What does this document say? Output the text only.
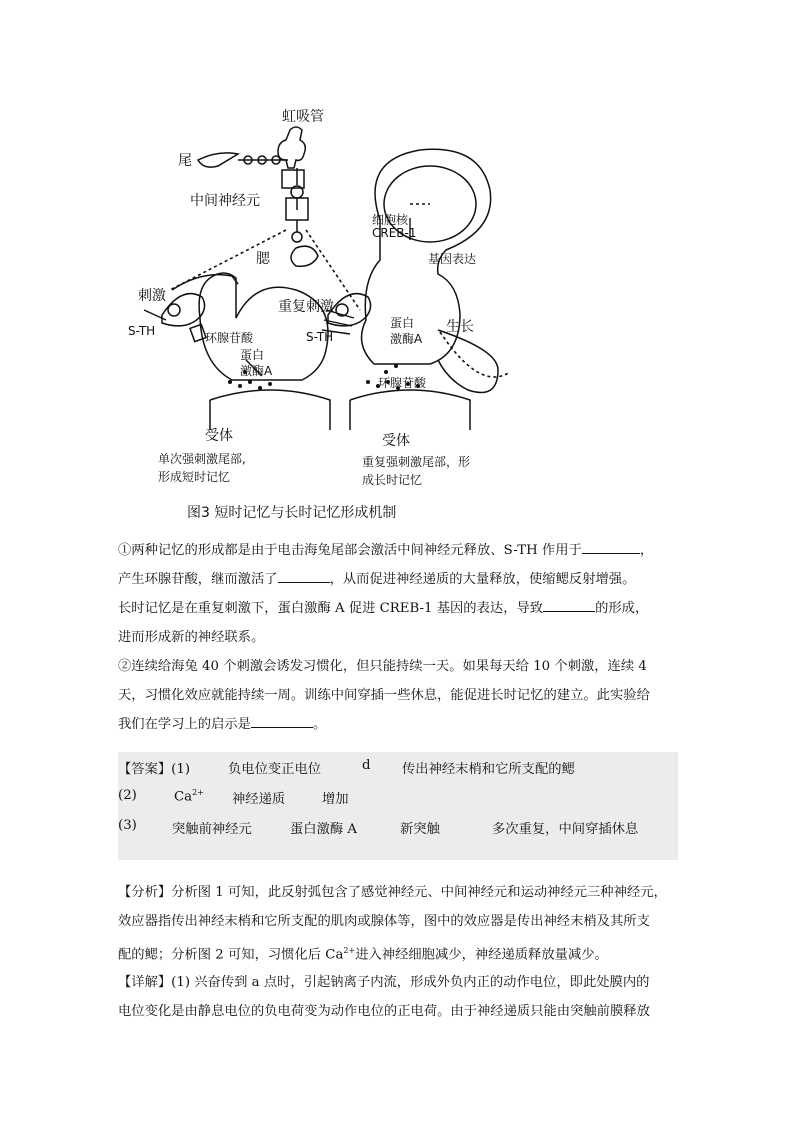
虹吸管
尾
中间神经元
腮
刺激
S-TH	环腺苷酸
蛋白
激酶A
受体
单次强刺激尾部,
形成短时记忆
重复刺激
细胞核
CREB-1
基因表达
S-TH
蛋白
激酶A
生长
环腺苷酸
受体
重复强刺激尾部，形
成长时记忆
图3 短时记忆与长时记忆形成机制

①两种记忆的形成都是由于电击海兔尾部会激活中间神经元释放、S-TH 作用于	，

产生环腺苷酸，继而激活了	，从而促进神经递质的大量释放，使缩鳃反射增强。

长时记忆是在重复刺激下，蛋白激酶 A 促进 CREB-1 基因的表达，导致	的形成，

进而形成新的神经联系。

②连续给海兔 40 个刺激会诱发习惯化，但只能持续一天。如果每天给 10 个刺激，连续 4

天，习惯化效应就能持续一周。训练中间穿插一些休息，能促进长时记忆的建立。此实验给

我们在学习上的启示是	。

【答案】(1)	负电位变正电位	d 传出神经末梢和它所支配的鳃
(2)	$Ca^{2+}$ 神经递质	增加
(3)	突触前神经元	蛋白激酶 A	新突触	多次重复，中间穿插休息

【分析】分析图 1 可知，此反射弧包含了感觉神经元、中间神经元和运动神经元三种神经元，

效应器指传出神经末梢和它所支配的肌肉或腺体等，图中的效应器是传出神经末梢及其所支

配的鳃；分析图 2 可知，习惯化后 $Ca^{2+}$进入神经细胞减少，神经递质释放量减少。

【详解】(1) 兴奋传到 a 点时，引起钠离子内流，形成外负内正的动作电位，即此处膜内的

电位变化是由静息电位的负电荷变为动作电位的正电荷。由于神经递质只能由突触前膜释放
